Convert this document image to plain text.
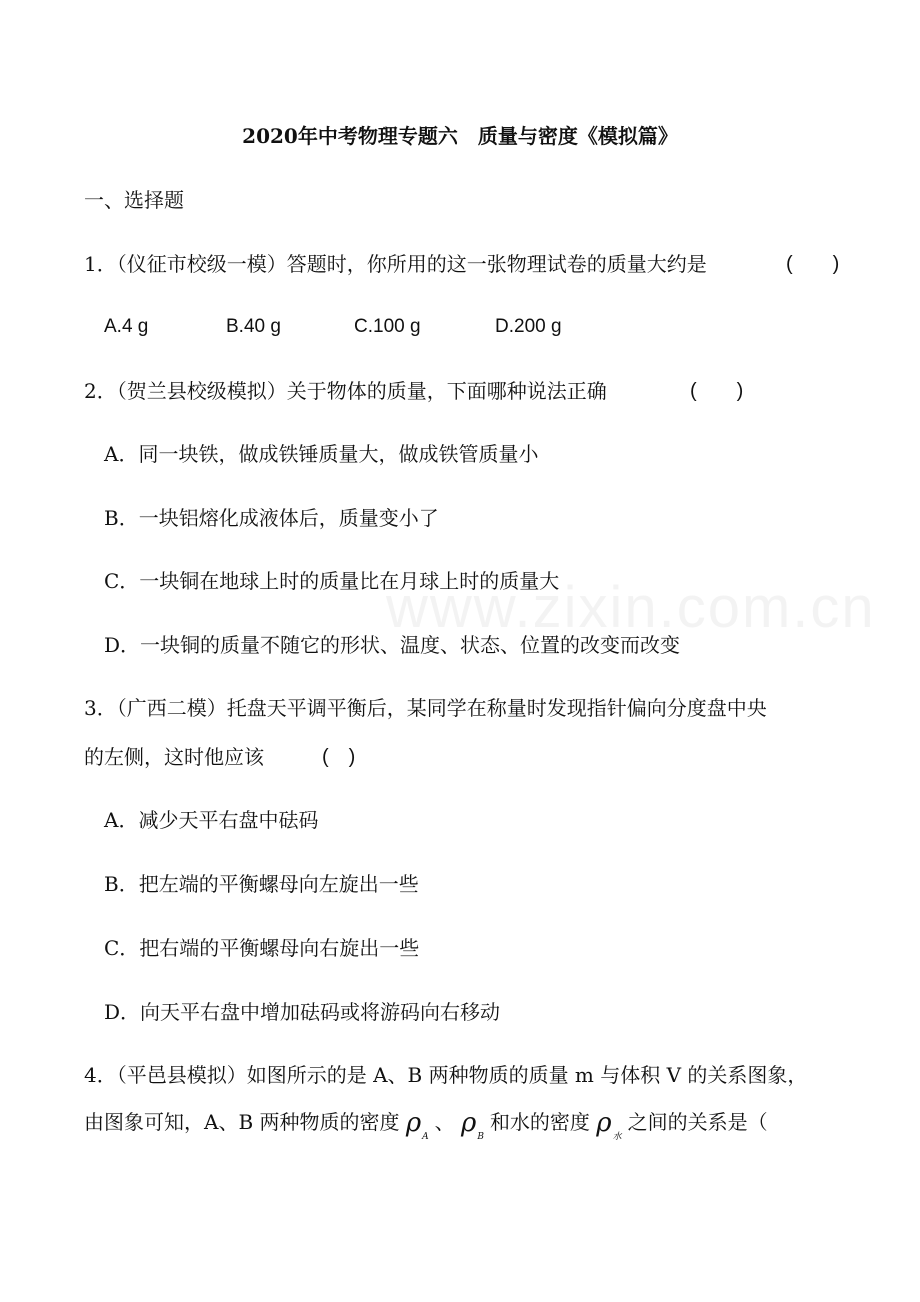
www.zixin.com.cn
2020年中考物理专题六　质量与密度《模拟篇》
一、选择题
1．（仪征市校级一模）答题时，你所用的这一张物理试卷的质量大约是	(　　)
A.4 g	B.40 g	C.100 g	D.200 g
2．（贺兰县校级模拟）关于物体的质量，下面哪种说法正确	(　　)
A．同一块铁，做成铁锤质量大，做成铁管质量小
B．一块铝熔化成液体后，质量变小了
C．一块铜在地球上时的质量比在月球上时的质量大
D．一块铜的质量不随它的形状、温度、状态、位置的改变而改变
3．（广西二模）托盘天平调平衡后，某同学在称量时发现指针偏向分度盘中央
的左侧，这时他应该	(　)
A．减少天平右盘中砝码
B．把左端的平衡螺母向左旋出一些
C．把右端的平衡螺母向右旋出一些
D．向天平右盘中增加砝码或将游码向右移动
4．（平邑县模拟）如图所示的是 A、B 两种物质的质量 m 与体积 V 的关系图象，
由图象可知，A、B 两种物质的密度 $\rho_A$、 $\rho_B$和水的密度 $\rho_水$之间的关系是（
